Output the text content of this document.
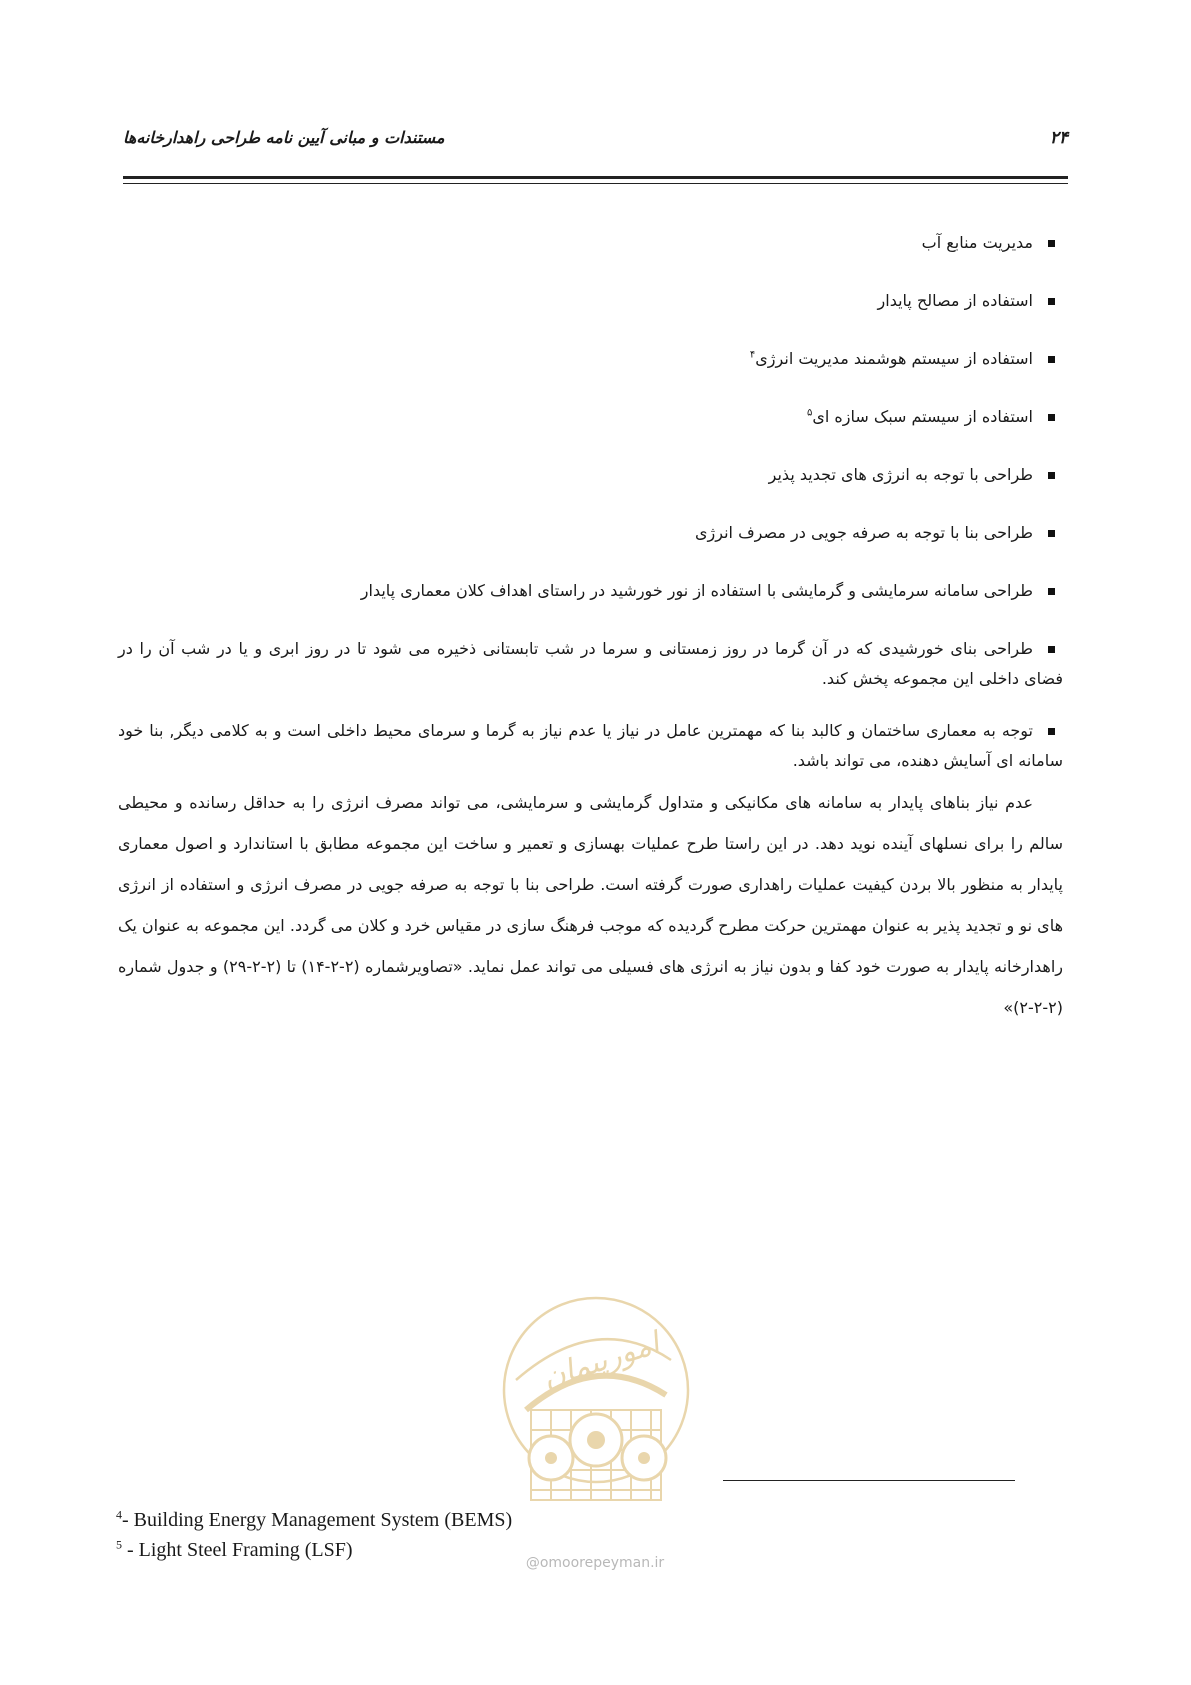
مستندات و مبانی آیین نامه طراحی راهدارخانه‌ها	۲۴
مدیریت منابع آب
استفاده از مصالح پایدار
استفاده از سیستم هوشمند مدیریت انرژی$^۴$
استفاده از سیستم سبک سازه ای$^۵$
طراحی با توجه به انرژی های تجدید پذیر
طراحی بنا با توجه به صرفه جویی در مصرف انرژی
طراحی سامانه سرمایشی و گرمایشی با استفاده از نور خورشید در راستای اهداف کلان معماری پایدار
طراحی بنای خورشیدی که در آن گرما در روز زمستانی و سرما در شب تابستانی ذخیره می شود تا در روز ابری و یا در شب آن را در فضای داخلی این مجموعه پخش کند.
توجه به معماری ساختمان و کالبد بنا که مهمترین عامل در نیاز یا عدم نیاز به گرما و سرمای محیط داخلی است و به کلامی دیگر, بنا خود سامانه ای آسایش دهنده، می تواند باشد.

عدم نیاز بناهای پایدار به سامانه های مکانیکی و متداول گرمایشی و سرمایشی، می تواند مصرف انرژی را به حداقل رسانده و محیطی سالم را برای نسلهای آینده نوید دهد. در این راستا طرح عملیات بهسازی و تعمیر و ساخت این مجموعه مطابق با استاندارد و اصول معماری پایدار به منظور بالا بردن کیفیت عملیات راهداری صورت گرفته است. طراحی بنا با توجه به صرفه جویی در مصرف انرژی و استفاده از انرژی های نو و تجدید پذیر به عنوان مهمترین حرکت مطرح گردیده که موجب فرهنگ سازی در مقیاس خرد و کلان می گردد. این مجموعه به عنوان یک راهدارخانه پایدار به صورت خود کفا و بدون نیاز به انرژی های فسیلی می تواند عمل نماید. «تصاویرشماره (۲-۲-۱۴) تا (۲-۲-۲۹) و جدول شماره (۲-۲-۲)»

امورپیمان
@omoorepeyman.ir
$^4$- Building Energy Management System (BEMS)
$^5$ - Light Steel Framing (LSF)
